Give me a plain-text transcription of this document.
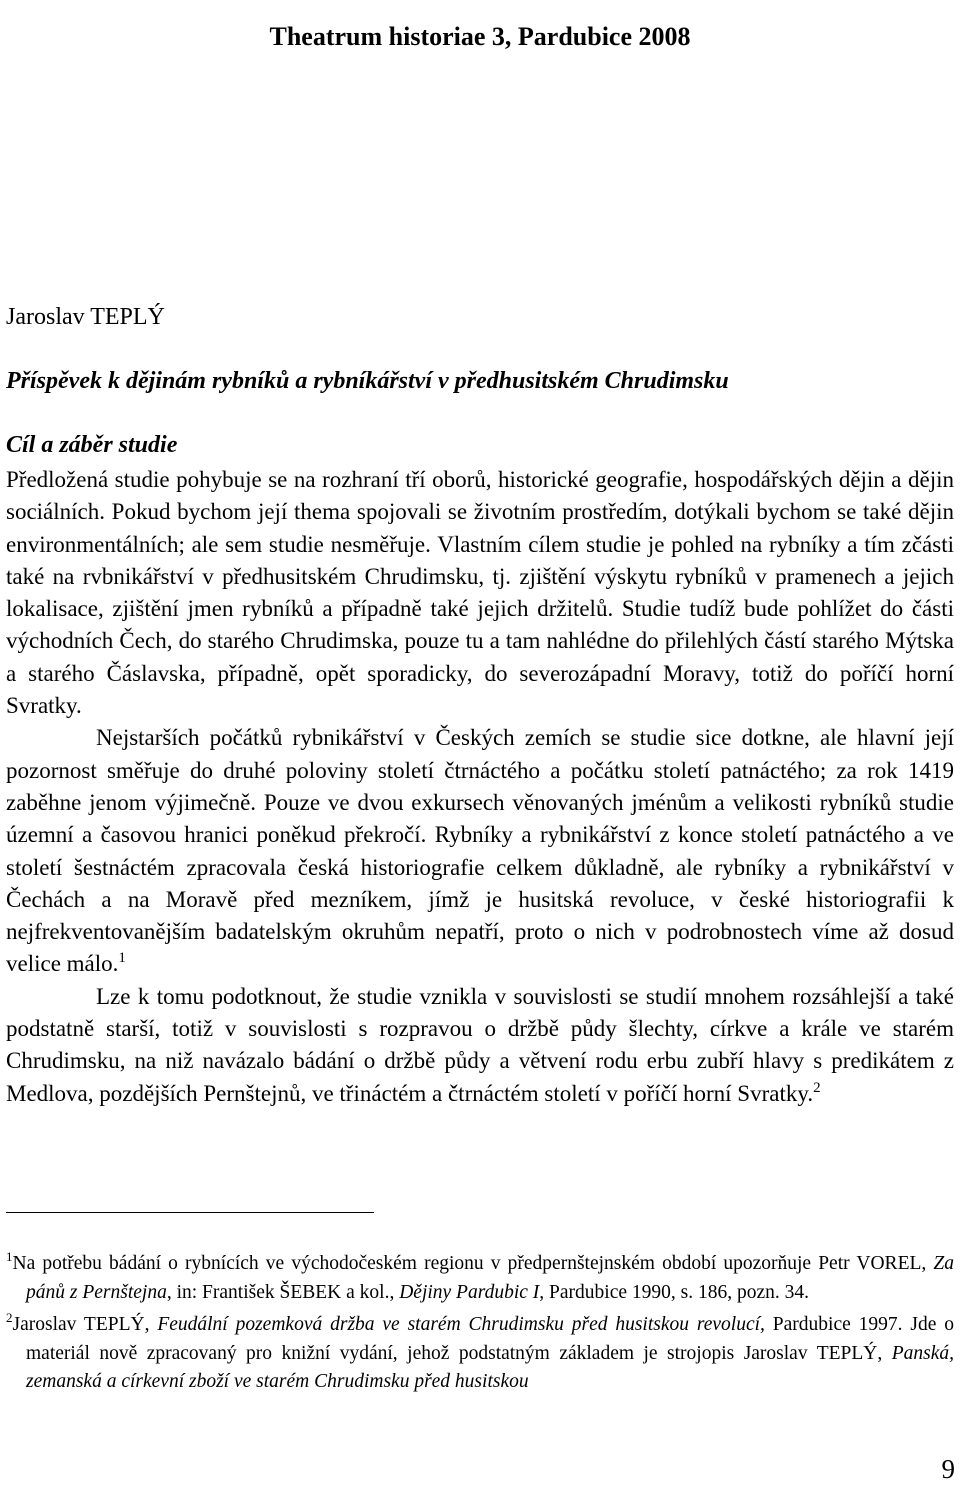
Theatrum historiae 3, Pardubice 2008
Jaroslav TEPLÝ
Příspěvek k dějinám rybníků a rybníkářství v předhusitském Chrudimsku
Cíl a záběr studie

Předložená studie pohybuje se na rozhraní tří oborů, historické geografie, hospodářských dějin a dějin sociálních. Pokud bychom její thema spojovali se životním prostředím, dotýkali bychom se také dějin environmentálních; ale sem studie nesměřuje. Vlastním cílem studie je pohled na rybníky a tím zčásti také na rvbnikářství v předhusitském Chrudimsku, tj. zjištění výskytu rybníků v pramenech a jejich lokalisace, zjištění jmen rybníků a případně také jejich držitelů. Studie tudíž bude pohlížet do části východních Čech, do starého Chrudimska, pouze tu a tam nahlédne do přilehlých částí starého Mýtska a starého Čáslavska, případně, opět sporadicky, do severozápadní Moravy, totiž do poříčí horní Svratky.

Nejstarších počátků rybnikářství v Českých zemích se studie sice dotkne, ale hlavní její pozornost směřuje do druhé poloviny století čtrnáctého a počátku století patnáctého; za rok 1419 zaběhne jenom výjimečně. Pouze ve dvou exkursech věnovaných jménům a velikosti rybníků studie územní a časovou hranici poněkud překročí. Rybníky a rybnikářství z konce století patnáctého a ve století šestnáctém zpracovala česká historiografie celkem důkladně, ale rybníky a rybnikářství v Čechách a na Moravě před mezníkem, jímž je husitská revoluce, v české historiografii k nejfrekventovanějším badatelským okruhům nepatří, proto o nich v podrobnostech víme až dosud velice málo.$^1$

Lze k tomu podotknout, že studie vznikla v souvislosti se studií mnohem rozsáhlejší a také podstatně starší, totiž v souvislosti s rozpravou o držbě půdy šlechty, církve a krále ve starém Chrudimsku, na niž navázalo bádání o držbě půdy a větvení rodu erbu zubří hlavy s predikátem z Medlova, pozdějších Pernštejnů, ve třináctém a čtrnáctém století v poříčí horní Svratky.$^2$

$^1$Na potřebu bádání o rybnících ve východočeském regionu v předpernštejnském období upozorňuje Petr VOREL, Za pánů z Pernštejna, in: František ŠEBEK a kol., Dějiny Pardubic I, Pardubice 1990, s. 186, pozn. 34.

$^2$Jaroslav TEPLÝ, Feudální pozemková držba ve starém Chrudimsku před husitskou revolucí, Pardubice 1997. Jde o materiál nově zpracovaný pro knižní vydání, jehož podstatným základem je strojopis Jaroslav TEPLÝ, Panská, zemanská a církevní zboží ve starém Chrudimsku před husitskou

9
